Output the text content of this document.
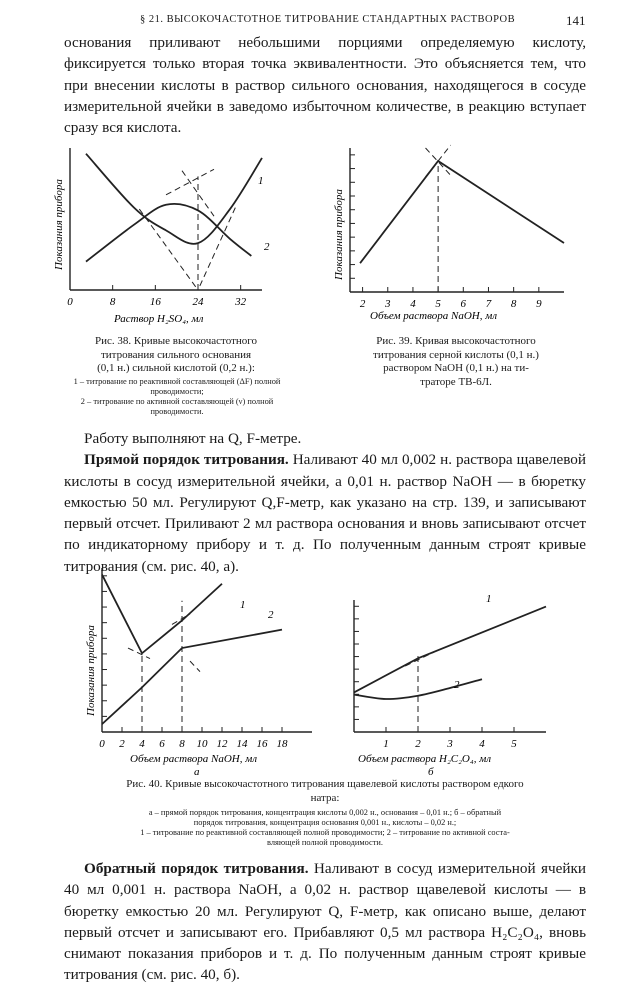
§ 21. ВЫСОКОЧАСТОТНОЕ ТИТРОВАНИЕ СТАНДАРТНЫХ РАСТВОРОВ	141

основания приливают небольшими порциями определяемую кислоту, фиксируется только вторая точка эквивалентности. Это объясняется тем, что при внесении кислоты в раствор сильного основания, находящегося в сосуде измерительной ячейки в заведомо избыточном количестве, в реакцию вступает сразу вся кислота.

0	8	16	24	32
Показания прибора
Раствор H₂SO₄, мл
1
2
Рис. 38. Кривые высокочастотного
титрования сильного основания
(0,1 н.) сильной кислотой (0,2 н.):
1 – титрование по реактивной составляющей (ΔF) полной проводимости;
2 – титрование по активной составляющей (ν) полной проводимости.
2 3 4 5 6 7 8 9
Показания прибора
Объем раствора NaOH, мл
Рис. 39. Кривая высокочастотного
титрования серной кислоты (0,1 н.)
раствором NaOH (0,1 н.) на ти-
траторе ТВ-6Л.

Работу выполняют на Q, F-метре.

Прямой порядок титрования. Наливают 40 мл 0,002 н. раствора щавелевой кислоты в сосуд измерительной ячейки, а 0,01 н. раствор NaOH — в бюретку емкостью 50 мл. Регулируют Q,F-метр, как указано на стр. 139, и записывают первый отсчет. Приливают 2 мл раствора основания и вновь записывают отсчет по индикаторному прибору и т. д. По полученным данным строят кривые титрования (см. рис. 40, а).

0 2 4 6 8 10 12 14 16 18
Показания прибора
Объем раствора NaOH, мл
а
1
2
1 2 3 4 5
Объем раствора H₂C₂O₄, мл
б
1
2
Рис. 40. Кривые высокочастотного титрования щавелевой кислоты раствором едкого
натра:
а – прямой порядок титрования, концентрация кислоты 0,002 н., основания – 0,01 н.; б – обратный
порядок титрования, концентрация основания 0,001 н., кислоты – 0,02 н.;
1 – титрование по реактивной составляющей полной проводимости; 2 – титрование по активной соста-
вляющей полной проводимости.

Обратный порядок титрования. Наливают в сосуд измерительной ячейки 40 мл 0,001 н. раствора NaOH, а 0,02 н. раствор щавелевой кислоты — в бюретку емкостью 20 мл. Регулируют Q, F-метр, как описано выше, делают первый отсчет и записывают его. Прибавляют 0,5 мл раствора H₂C₂O₄, вновь снимают показания приборов и т. д. По полученным данным строят кривые титрования (см. рис. 40, б).
